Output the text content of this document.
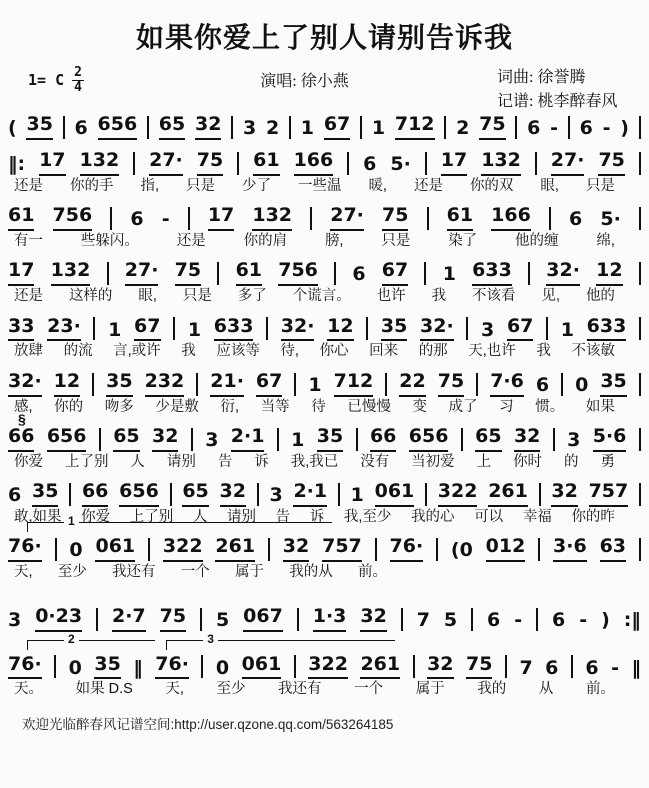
如果你爱上了别人请别告诉我
1= C $\frac{2}{4}$	演唱: 徐小燕	词曲: 徐誉腾
记谱: 桃李醉春风
( 35 6 656 65 32 3 2 1 67 1 712 2 75 6 - 6 - )
‖: 17 132 27· 75 61 166 6 5· 17 132 27· 75
还是 你的手 指, 只是 少了 一些温 暖, 还是 你的双 眼, 只是
61 756 6 - 17 132 27· 75 61 166 6 5·
有一	些躲闪。	还是	你的肩	膀,	只是	染了	他的缠	绵,
17 132 27· 75 61 756 6 67 1 633 32· 12
还是 这样的 眼, 只是 多了 个谎言。 也许 我 不该看 见, 他的
33 23· 1 67 1 633 32· 12 35 32· 3 67 1 633
放肆 的流 言,或许 我 应该等 待, 你心 回来 的那 天,也许 我 不该敏
32· 12 35 232 21· 67 1 712 22 75 7·6 6 0 35
感, 你的 吻多 少是敷 衍, 当等 待 已慢慢 变 成了 习 惯。 如果
§
66 656 65 32 3 2·1 1 35 66 656 65 32 3 5·6
你爱 上了别 人 请别 告 诉 我,我已 没有 当初爱 上 你时 的 勇
6 35 66 656 65 32 3 2·1 1 061 322 261 32 757
敢,如果 你爱 上了别 人 请别 告 诉 我,至少 我的心 可以 幸福 你的昨
1
76· 0 061 322 261 32 757 76· (0 012 3·6 63
天, 至少 我还有 一个 属于 我的从 前。
3 0·23 2·7 75 5 067 1·3 32 7 5 6 - 6 - ) :‖
2	3
76· 0 35 ‖ 76· 0 061 322 261 32 75 7 6 6 - ‖
天。 如果 D.S 天, 至少 我还有 一个 属于 我的 从 前。
欢迎光临醉春风记谱空间:http://user.qzone.qq.com/563264185
